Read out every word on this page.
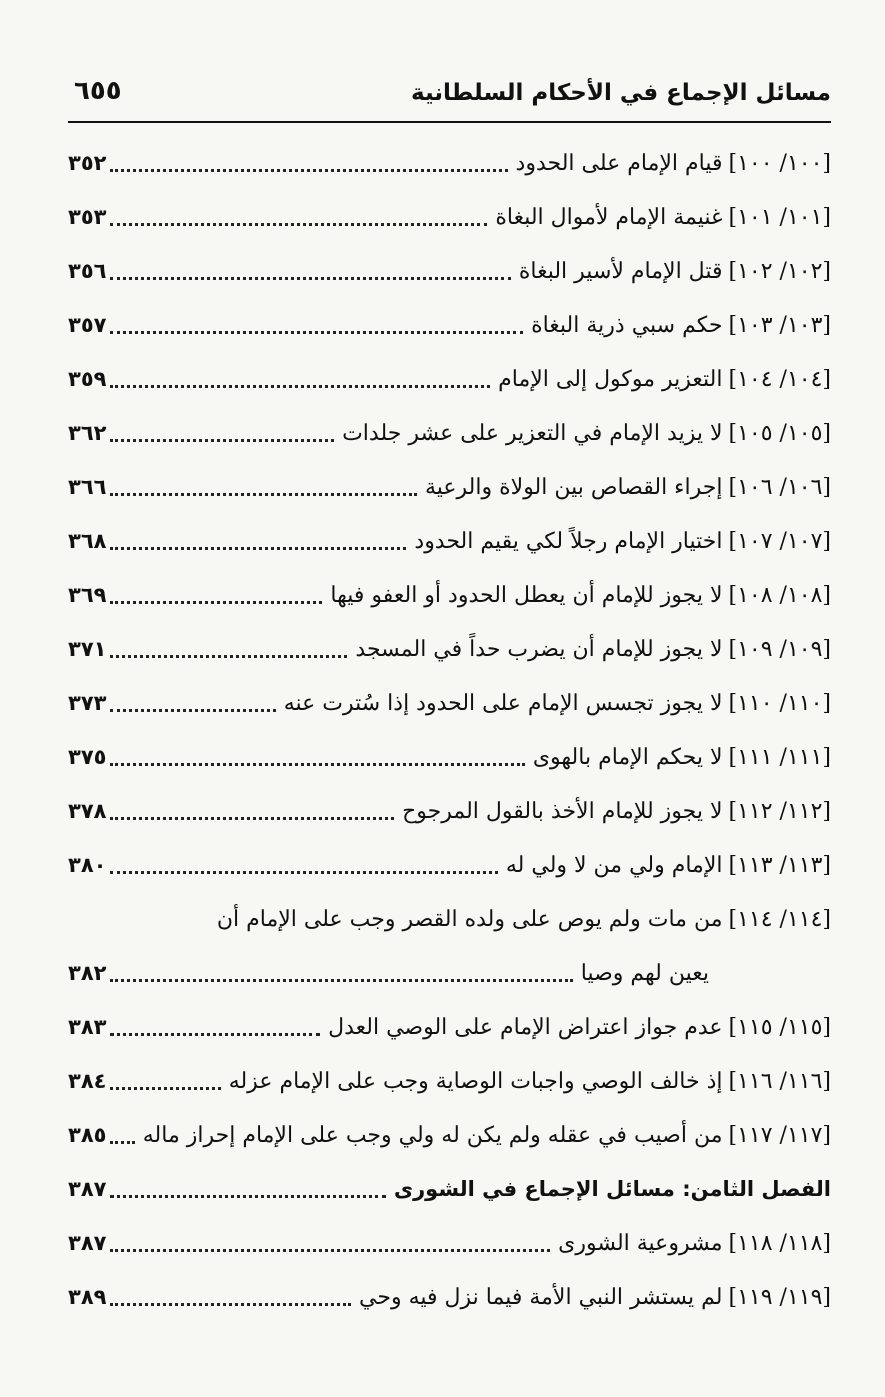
مسائل الإجماع في الأحكام السلطانية
٦٥٥
[١٠٠/ ١٠٠]
قيام الإمام على الحدود
٣٥٢
[١٠١/ ١٠١]
غنيمة الإمام لأموال البغاة
٣٥٣
[١٠٢/ ١٠٢]
قتل الإمام لأسير البغاة
٣٥٦
[١٠٣/ ١٠٣]
حكم سبي ذرية البغاة
٣٥٧
[١٠٤/ ١٠٤]
التعزير موكول إلى الإمام
٣٥٩
[١٠٥/ ١٠٥]
لا يزيد الإمام في التعزير على عشر جلدات
٣٦٢
[١٠٦/ ١٠٦]
إجراء القصاص بين الولاة والرعية
٣٦٦
[١٠٧/ ١٠٧]
اختيار الإمام رجلاً لكي يقيم الحدود
٣٦٨
[١٠٨/ ١٠٨]
لا يجوز للإمام أن يعطل الحدود أو العفو فيها
٣٦٩
[١٠٩/ ١٠٩]
لا يجوز للإمام أن يضرب حداً في المسجد
٣٧١
[١١٠/ ١١٠]
لا يجوز تجسس الإمام على الحدود إذا سُترت عنه
٣٧٣
[١١١/ ١١١]
لا يحكم الإمام بالهوى
٣٧٥
[١١٢/ ١١٢]
لا يجوز للإمام الأخذ بالقول المرجوح
٣٧٨
[١١٣/ ١١٣]
الإمام ولي من لا ولي له
٣٨٠
[١١٤/ ١١٤]
من مات ولم يوص على ولده القصر وجب على الإمام أن
يعين لهم وصيا
٣٨٢
[١١٥/ ١١٥]
عدم جواز اعتراض الإمام على الوصي العدل
٣٨٣
[١١٦/ ١١٦]
إذ خالف الوصي واجبات الوصاية وجب على الإمام عزله
٣٨٤
[١١٧/ ١١٧]
من أصيب في عقله ولم يكن له ولي وجب على الإمام إحراز ماله
٣٨٥
الفصل الثامن: مسائل الإجماع في الشورى
٣٨٧
[١١٨/ ١١٨]
مشروعية الشورى
٣٨٧
[١١٩/ ١١٩]
لم يستشر النبي الأمة فيما نزل فيه وحي
٣٨٩
